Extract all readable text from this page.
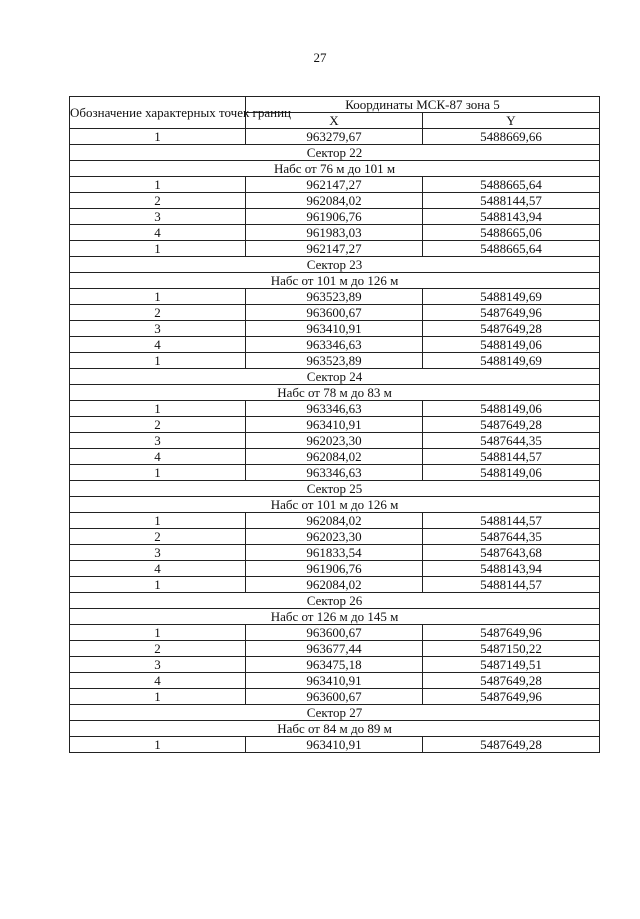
27
Обозначение характерных точек границ	Координаты МСК-87 зона 5	
	X	Y
1	963279,67	5488669,66
Сектор 22		
Набс от 76 м до 101 м		
1	962147,27	5488665,64
2	962084,02	5488144,57
3	961906,76	5488143,94
4	961983,03	5488665,06
1	962147,27	5488665,64
Сектор 23		
Набс от 101 м до 126 м		
1	963523,89	5488149,69
2	963600,67	5487649,96
3	963410,91	5487649,28
4	963346,63	5488149,06
1	963523,89	5488149,69
Сектор 24		
Набс от 78 м до 83 м		
1	963346,63	5488149,06
2	963410,91	5487649,28
3	962023,30	5487644,35
4	962084,02	5488144,57
1	963346,63	5488149,06
Сектор 25		
Набс от 101 м до 126 м		
1	962084,02	5488144,57
2	962023,30	5487644,35
3	961833,54	5487643,68
4	961906,76	5488143,94
1	962084,02	5488144,57
Сектор 26		
Набс от 126 м до 145 м		
1	963600,67	5487649,96
2	963677,44	5487150,22
3	963475,18	5487149,51
4	963410,91	5487649,28
1	963600,67	5487649,96
Сектор 27		
Набс от 84 м до 89 м		
1	963410,91	5487649,28
